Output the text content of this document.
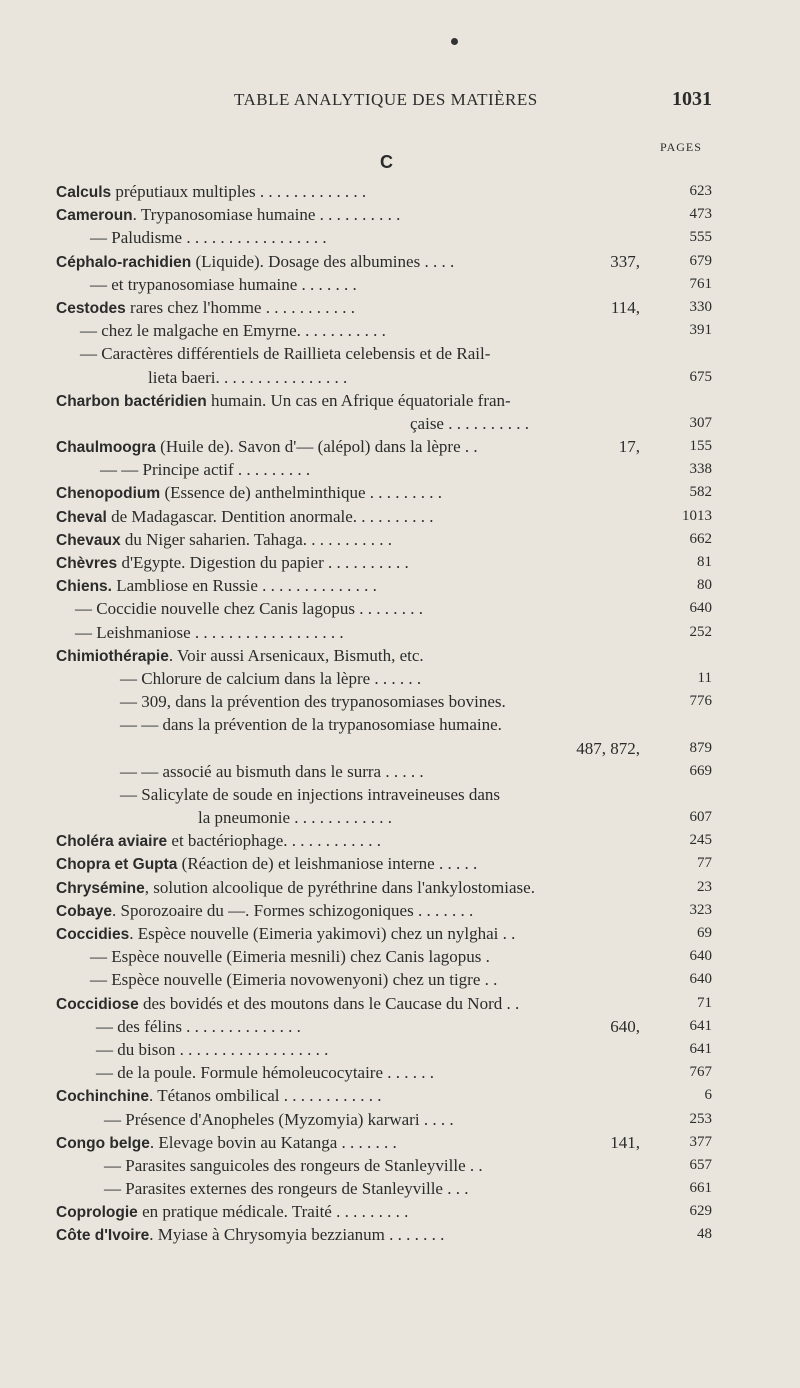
TABLE ANALYTIQUE DES MATIÈRES	1031
PAGES
C
Calculs préputiaux multiples . . . . . . . . . . . . .	623
Cameroun. Trypanosomiase humaine . . . . . . . . . .	473
— Paludisme . . . . . . . . . . . . . . . . .	555
Céphalo-rachidien (Liquide). Dosage des albumines . . . .	337,	679
— et trypanosomiase humaine . . . . . . .	761
Cestodes rares chez l'homme . . . . . . . . . . .	114,	330
— chez le malgache en Emyrne. . . . . . . . . . .	391
— Caractères différentiels de Raillieta celebensis et de Rail-
lieta baeri. . . . . . . . . . . . . . . .	675
Charbon bactéridien humain. Un cas en Afrique équatoriale fran-
çaise . . . . . . . . . .	307
Chaulmoogra (Huile de). Savon d'— (alépol) dans la lèpre . .	17,	155
— — Principe actif . . . . . . . . .	338
Chenopodium (Essence de) anthelminthique . . . . . . . . .	582
Cheval de Madagascar. Dentition anormale. . . . . . . . . .	1013
Chevaux du Niger saharien. Tahaga. . . . . . . . . . .	662
Chèvres d'Egypte. Digestion du papier . . . . . . . . . .	81
Chiens. Lambliose en Russie . . . . . . . . . . . . . .	80
— Coccidie nouvelle chez Canis lagopus . . . . . . . .	640
— Leishmaniose . . . . . . . . . . . . . . . . . .	252
Chimiothérapie. Voir aussi Arsenicaux, Bismuth, etc.
— Chlorure de calcium dans la lèpre . . . . . .	11
— 309, dans la prévention des trypanosomiases bovines.	776
— — dans la prévention de la trypanosomiase humaine.
487, 872,	879
— — associé au bismuth dans le surra . . . . .	669
— Salicylate de soude en injections intraveineuses dans
la pneumonie . . . . . . . . . . . .	607
Choléra aviaire et bactériophage. . . . . . . . . . . .	245
Chopra et Gupta (Réaction de) et leishmaniose interne . . . . .	77
Chrysémine, solution alcoolique de pyréthrine dans l'ankylostomiase.	23
Cobaye. Sporozoaire du —. Formes schizogoniques . . . . . . .	323
Coccidies. Espèce nouvelle (Eimeria yakimovi) chez un nylghai . .	69
— Espèce nouvelle (Eimeria mesnili) chez Canis lagopus .	640
— Espèce nouvelle (Eimeria novowenyoni) chez un tigre . .	640
Coccidiose des bovidés et des moutons dans le Caucase du Nord . .	71
— des félins . . . . . . . . . . . . . .	640,	641
— du bison . . . . . . . . . . . . . . . . . .	641
— de la poule. Formule hémoleucocytaire . . . . . .	767
Cochinchine. Tétanos ombilical . . . . . . . . . . . .	6
— Présence d'Anopheles (Myzomyia) karwari . . . .	253
Congo belge. Elevage bovin au Katanga . . . . . . .	141,	377
— Parasites sanguicoles des rongeurs de Stanleyville . .	657
— Parasites externes des rongeurs de Stanleyville . . .	661
Coprologie en pratique médicale. Traité . . . . . . . . .	629
Côte d'Ivoire. Myiase à Chrysomyia bezzianum . . . . . . .	48
